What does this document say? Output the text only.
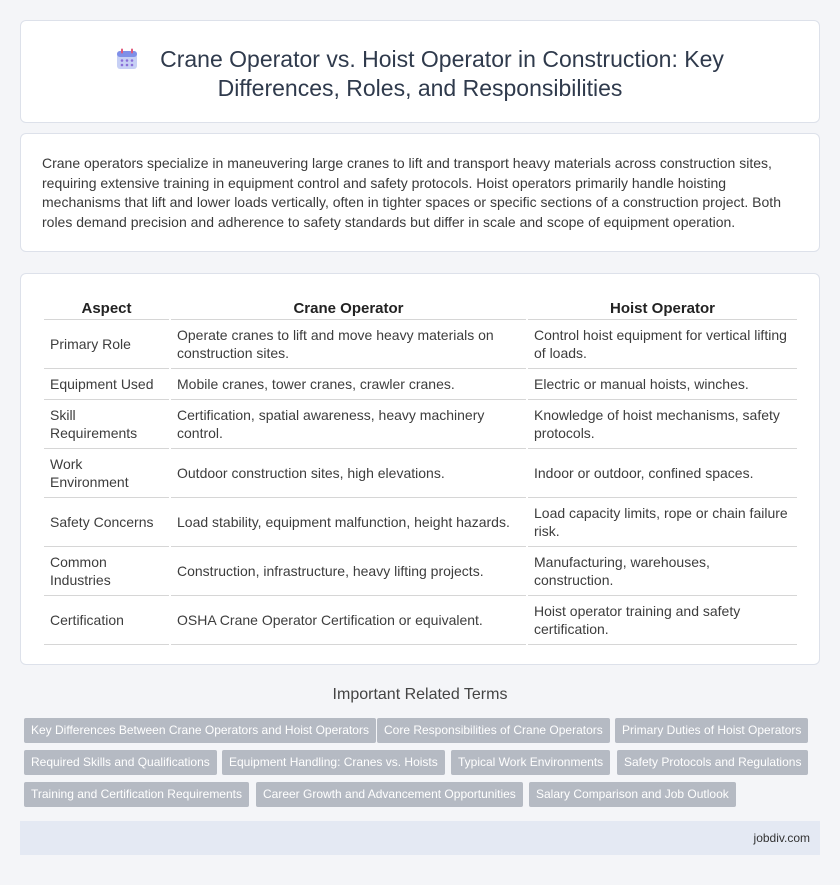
Crane Operator vs. Hoist Operator in Construction: Key Differences, Roles, and Responsibilities

Crane operators specialize in maneuvering large cranes to lift and transport heavy materials across construction sites, requiring extensive training in equipment control and safety protocols. Hoist operators primarily handle hoisting mechanisms that lift and lower loads vertically, often in tighter spaces or specific sections of a construction project. Both roles demand precision and adherence to safety standards but differ in scale and scope of equipment operation.

Aspect	Crane Operator	Hoist Operator
Primary Role	Operate cranes to lift and move heavy materials on construction sites.	Control hoist equipment for vertical lifting of loads.
Equipment Used	Mobile cranes, tower cranes, crawler cranes.	Electric or manual hoists, winches.
Skill Requirements	Certification, spatial awareness, heavy machinery control.	Knowledge of hoist mechanisms, safety protocols.
Work Environment	Outdoor construction sites, high elevations.	Indoor or outdoor, confined spaces.
Safety Concerns	Load stability, equipment malfunction, height hazards.	Load capacity limits, rope or chain failure risk.
Common Industries	Construction, infrastructure, heavy lifting projects.	Manufacturing, warehouses, construction.
Certification	OSHA Crane Operator Certification or equivalent.	Hoist operator training and safety certification.
Important Related Terms
Key Differences Between Crane Operators and Hoist Operators	Core Responsibilities of Crane Operators	Primary Duties of Hoist Operators
Required Skills and Qualifications	Equipment Handling: Cranes vs. Hoists	Typical Work Environments	Safety Protocols and Regulations
Training and Certification Requirements	Career Growth and Advancement Opportunities	Salary Comparison and Job Outlook
jobdiv.com
